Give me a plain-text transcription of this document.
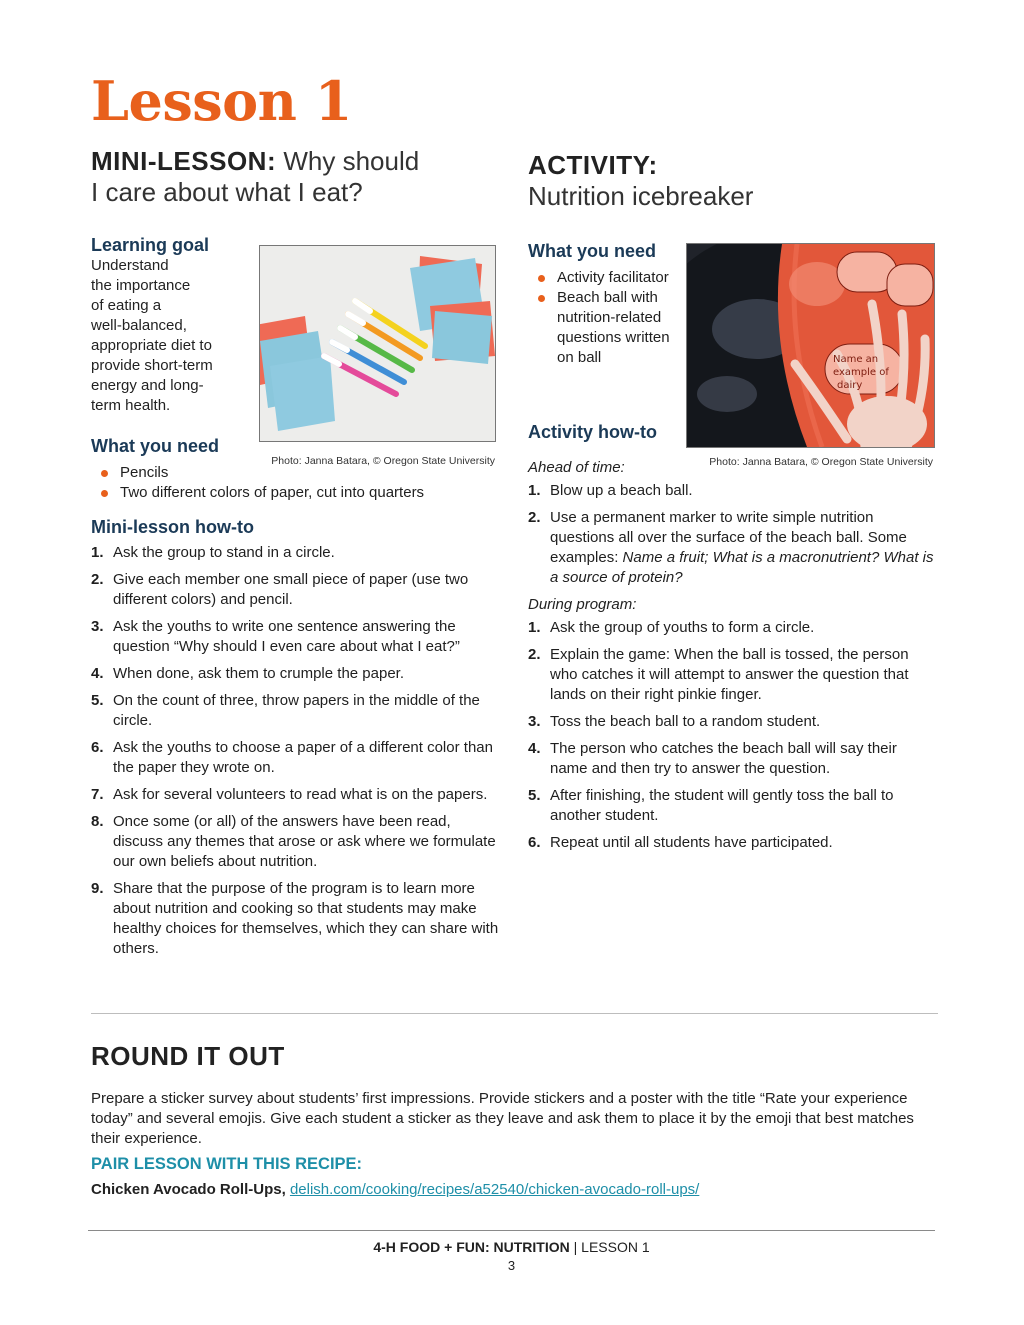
Lesson 1
MINI-LESSON: Why should
I care about what I eat?
ACTIVITY:
Nutrition icebreaker
Learning goal
Understand
the importance
of eating a
well-balanced,
appropriate diet to
provide short-term
energy and long-
term health.
Photo: Janna Batara, © Oregon State University
What you need
Pencils
Two different colors of paper, cut into quarters
Mini-lesson how-to
1. Ask the group to stand in a circle.
2. Give each member one small piece of paper (use two different colors) and pencil.
3. Ask the youths to write one sentence answering the question “Why should I even care about what I eat?”
4. When done, ask them to crumple the paper.
5. On the count of three, throw papers in the middle of the circle.
6. Ask the youths to choose a paper of a different color than the paper they wrote on.
7. Ask for several volunteers to read what is on the papers.
8. Once some (or all) of the answers have been read, discuss any themes that arose or ask where we formulate our own beliefs about nutrition.
9. Share that the purpose of the program is to learn more about nutrition and cooking so that students may make healthy choices for themselves, which they can share with others.
What you need
Activity facilitator
Beach ball with nutrition-related questions written on ball	Name an
example of
dairy
Photo: Janna Batara, © Oregon State University
Activity how-to
Ahead of time:
1. Blow up a beach ball.
2. Use a permanent marker to write simple nutrition questions all over the surface of the beach ball. Some examples: Name a fruit; What is a macronutrient? What is a source of protein?
During program:
1. Ask the group of youths to form a circle.
2. Explain the game: When the ball is tossed, the person who catches it will attempt to answer the question that lands on their right pinkie finger.
3. Toss the beach ball to a random student.
4. The person who catches the beach ball will say their name and then try to answer the question.
5. After finishing, the student will gently toss the ball to another student.
6. Repeat until all students have participated.
ROUND IT OUT
Prepare a sticker survey about students’ first impressions. Provide stickers and a poster with the title “Rate your experience today” and several emojis. Give each student a sticker as they leave and ask them to place it by the emoji that best matches their experience.
PAIR LESSON WITH THIS RECIPE:
Chicken Avocado Roll-Ups, delish.com/cooking/recipes/a52540/chicken-avocado-roll-ups/
4-H FOOD + FUN: NUTRITION | LESSON 1
3
